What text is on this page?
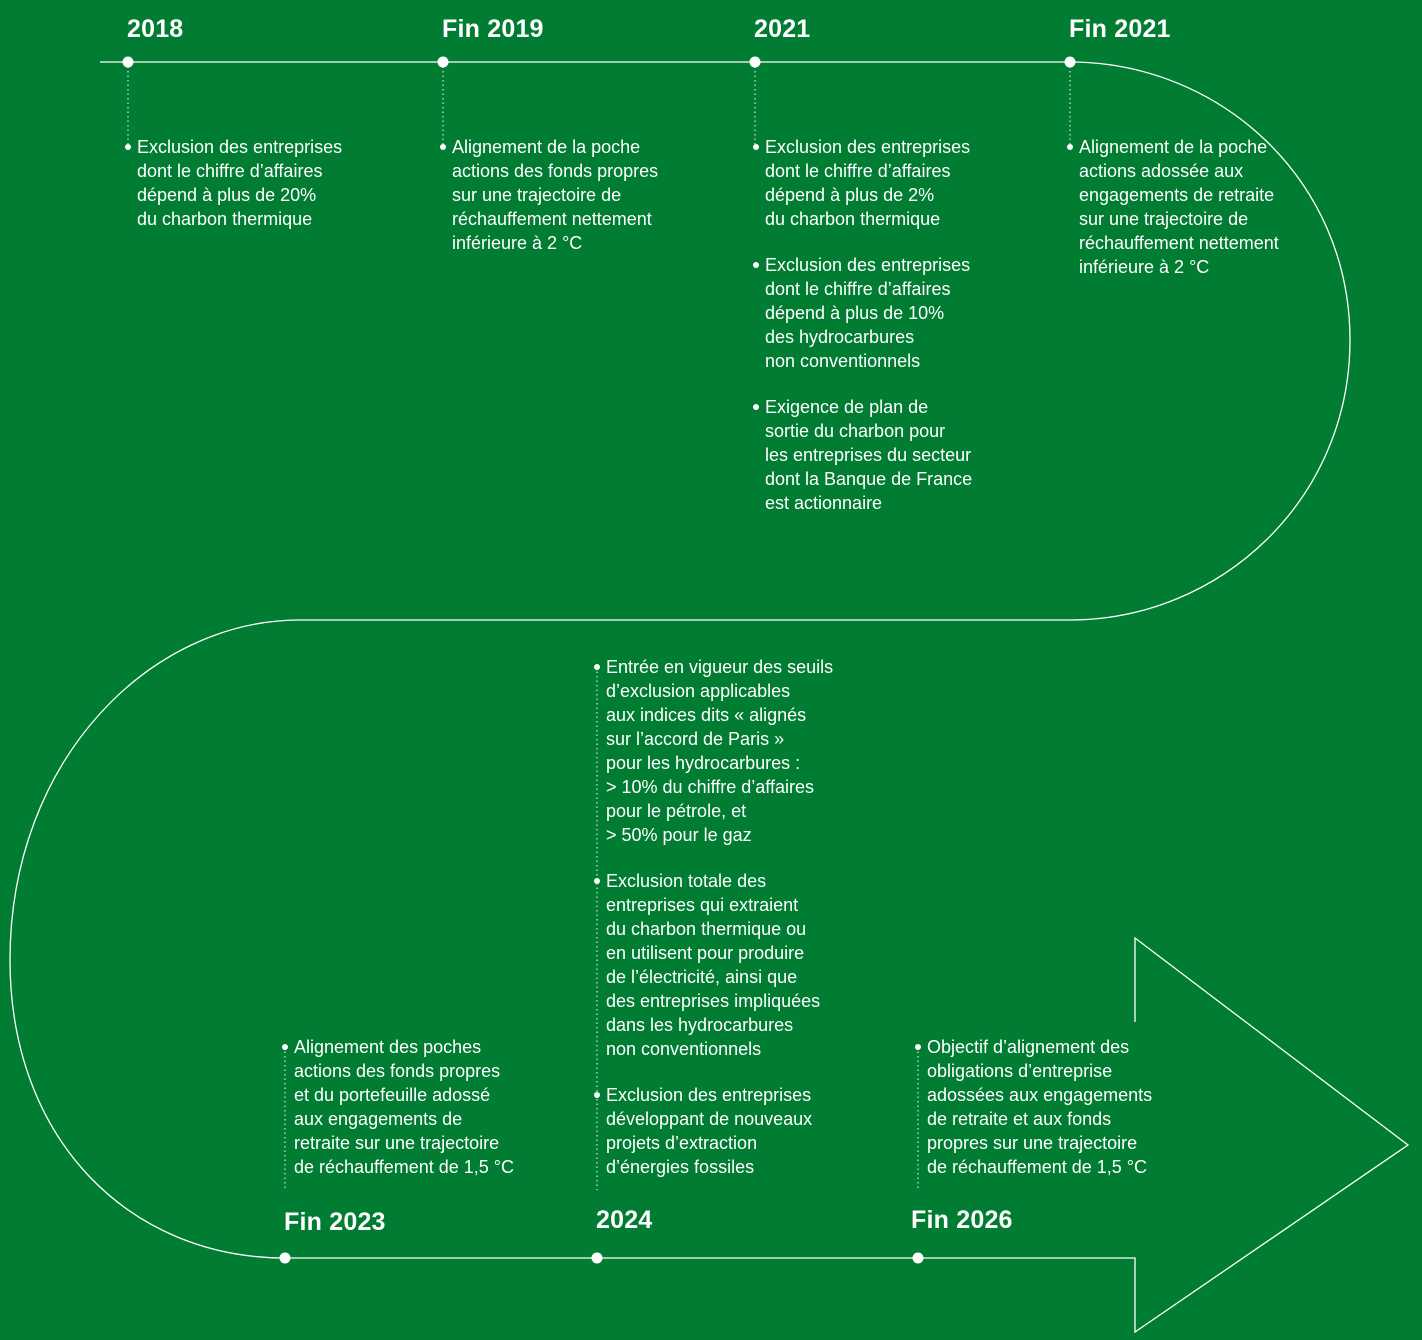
2018	Fin 2019	2021	Fin 2021
Fin 2023	2024	Fin 2026
Exclusion des entreprises
dont le chiffre d’affaires
dépend à plus de 20%
du charbon thermique
Alignement de la poche
actions des fonds propres
sur une trajectoire de
réchauffement nettement
inférieure à 2 °C
Exclusion des entreprises
dont le chiffre d’affaires
dépend à plus de 2%
du charbon thermique
Exclusion des entreprises
dont le chiffre d’affaires
dépend à plus de 10%
des hydrocarbures
non conventionnels
Exigence de plan de
sortie du charbon pour
les entreprises du secteur
dont la Banque de France
est actionnaire
Alignement de la poche
actions adossée aux
engagements de retraite
sur une trajectoire de
réchauffement nettement
inférieure à 2 °C
Entrée en vigueur des seuils
d’exclusion applicables
aux indices dits « alignés
sur l’accord de Paris »
pour les hydrocarbures :
> 10% du chiffre d’affaires
pour le pétrole, et
> 50% pour le gaz
Exclusion totale des
entreprises qui extraient
du charbon thermique ou
en utilisent pour produire
de l’électricité, ainsi que
des entreprises impliquées
dans les hydrocarbures
non conventionnels
Exclusion des entreprises
développant de nouveaux
projets d’extraction
d’énergies fossiles
Alignement des poches
actions des fonds propres
et du portefeuille adossé
aux engagements de
retraite sur une trajectoire
de réchauffement de 1,5 °C
Objectif d’alignement des
obligations d’entreprise
adossées aux engagements
de retraite et aux fonds
propres sur une trajectoire
de réchauffement de 1,5 °C
